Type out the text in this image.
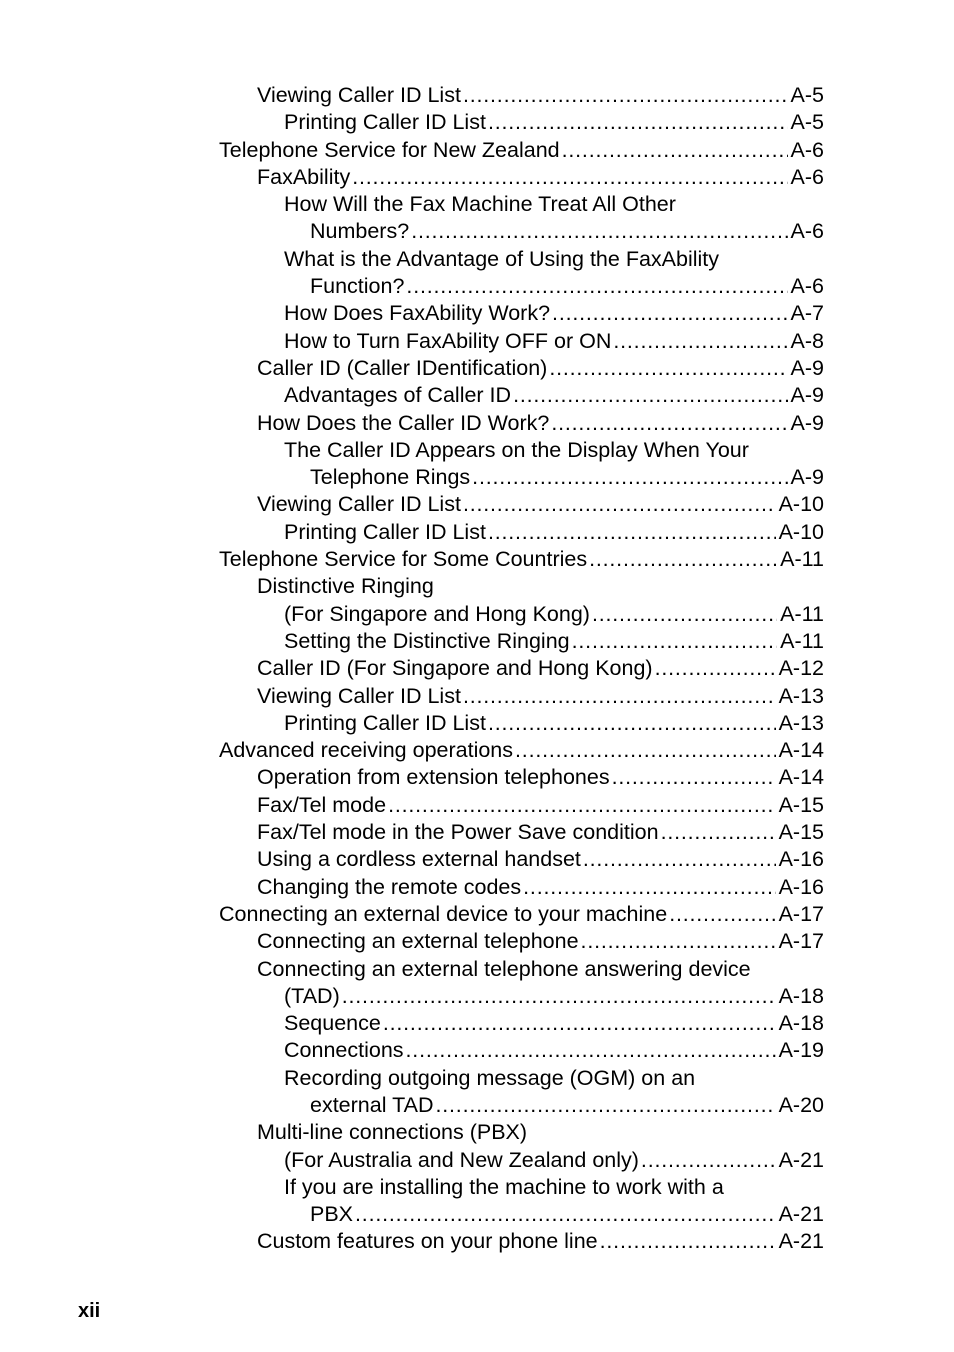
Viewing Caller ID List .....	A-5
Printing Caller ID List .....	A-5
Telephone Service for New Zealand .....	A-6
FaxAbility .....	A-6
How Will the Fax Machine Treat All Other
Numbers? .....	A-6
What is the Advantage of Using the FaxAbility
Function? .....	A-6
How Does FaxAbility Work? .....	A-7
How to Turn FaxAbility OFF or ON .....	A-8
Caller ID (Caller IDentification) .....	A-9
Advantages of Caller ID .....	A-9
How Does the Caller ID Work? .....	A-9
The Caller ID Appears on the Display When Your
Telephone Rings .....	A-9
Viewing Caller ID List .....	A-10
Printing Caller ID List .....	A-10
Telephone Service for Some Countries .....	A-11
Distinctive Ringing
(For Singapore and Hong Kong) .....	A-11
Setting the Distinctive Ringing .....	A-11
Caller ID (For Singapore and Hong Kong) .....	A-12
Viewing Caller ID List .....	A-13
Printing Caller ID List .....	A-13
Advanced receiving operations .....	A-14
Operation from extension telephones .....	A-14
Fax/Tel mode .....	A-15
Fax/Tel mode in the Power Save condition .....	A-15
Using a cordless external handset .....	A-16
Changing the remote codes .....	A-16
Connecting an external device to your machine .....	A-17
Connecting an external telephone .....	A-17
Connecting an external telephone answering device
(TAD) .....	A-18
Sequence .....	A-18
Connections .....	A-19
Recording outgoing message (OGM) on an
external TAD .....	A-20
Multi-line connections (PBX)
(For Australia and New Zealand only) .....	A-21
If you are installing the machine to work with a
PBX .....	A-21
Custom features on your phone line .....	A-21
xii
